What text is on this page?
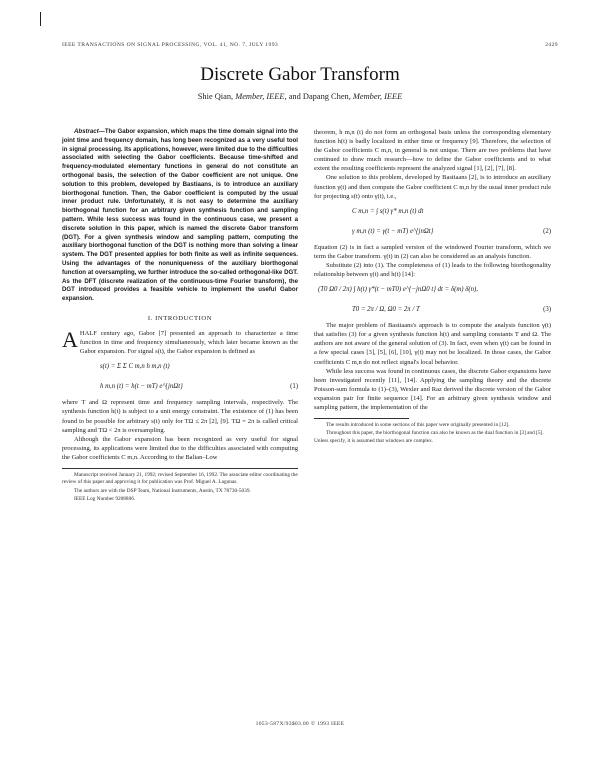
IEEE TRANSACTIONS ON SIGNAL PROCESSING, VOL. 41, NO. 7, JULY 1993	2429
Discrete Gabor Transform
Shie Qian, Member, IEEE, and Dapang Chen, Member, IEEE

Abstract—The Gabor expansion, which maps the time domain signal into the joint time and frequency domain, has long been recognized as a very useful tool in signal processing. Its applications, however, were limited due to the difficulties associated with selecting the Gabor coefficients. Because time-shifted and frequency-modulated elementary functions in general do not constitute an orthogonal basis, the selection of the Gabor coefficient are not unique. One solution to this problem, developed by Bastiaans, is to introduce an auxiliary biorthogonal function. Then, the Gabor coefficient is computed by the usual inner product rule. Unfortunately, it is not easy to determine the auxiliary biorthogonal function for an arbitrary given synthesis function and sampling pattern. While less success was found in the continuous case, we present a discrete solution in this paper, which is named the discrete Gabor transform (DGT). For a given synthesis window and sampling pattern, computing the auxiliary biorthogonal function of the DGT is nothing more than solving a linear system. The DGT presented applies for both finite as well as infinite sequences. Using the advantages of the nonuniqueness of the auxiliary biorthogonal function at oversampling, we further introduce the so-called orthogonal-like DGT. As the DFT (discrete realization of the continuous-time Fourier transform), the DGT introduced provides a feasible vehicle to implement the useful Gabor expansion.

I. INTRODUCTION

AHALF century ago, Gabor [7] presented an approach to characterize a time function in time and frequency simultaneously, which later became known as the Gabor expansion. For signal s(t), the Gabor expansion is defined as

s(t) = Σ Σ C m,n h m,n (t)
h m,n (t) = h(t − mT) e^{jnΩt}	(1)

where T and Ω represent time and frequency sampling intervals, respectively. The synthesis function h(t) is subject to a unit energy constraint. The existence of (1) has been found to be possible for arbitrary s(t) only for TΩ ≤ 2π [2], [9]. TΩ = 2π is called critical sampling and TΩ < 2π is oversampling.

Although the Gabor expansion has been recognized as very useful for signal processing, its applications were limited due to the difficulties associated with computing the Gabor coefficients C m,n. According to the Balian–Low

Manuscript received January 21, 1992; revised September 16, 1992. The associate editor coordinating the review of this paper and approving it for publication was Prof. Miguel A. Lagunas.

The authors are with the DSP Team, National Instruments, Austin, TX 78730-5039.

IEEE Log Number 9208806.

theorem, h m,n (t) do not form an orthogonal basis unless the corresponding elementary function h(t) is badly localized in either time or frequency [9]. Therefore, the selection of the Gabor coefficients C m,n, in general is not unique. There are two problems that have continued to draw much research—how to define the Gabor coefficients and to what extent the resulting coefficients represent the analyzed signal [1], [2], [7], [8].

One solution to this problem, developed by Bastiaans [2], is to introduce an auxiliary function γ(t) and then compute the Gabor coefficient C m,n by the usual inner product rule for projecting s(t) onto γ(t), i.e.,

C m,n = ∫ s(t) γ* m,n (t) dt
γ m,n (t) = γ(t − mT) e^{jnΩt}	(2)

Equation (2) is in fact a sampled version of the windowed Fourier transform, which we term the Gabor transform. γ(t) in (2) can also be considered as an analysis function.

Substitute (2) into (1). The completeness of (1) leads to the following biorthogonality relationship between γ(t) and h(t) [14]:

(T0 Ω0 / 2π) ∫ h(t) γ*(t − mT0) e^{−jnΩ0 t} dt = δ(m) δ(n),
T0 = 2π / Ω, Ω0 = 2π / T	(3)

The major problem of Bastiaans's approach is to compute the analysis function γ(t) that satisfies (3) for a given synthesis function h(t) and sampling constants T and Ω. The authors are not aware of the general solution of (3). In fact, even when γ(t) can be found in a few special cases [3], [5], [6], [10], γ(t) may not be localized. In those cases, the Gabor coefficients C m,n do not reflect signal's local behavior.

While less success was found in continuous cases, the discrete Gabor expansions have been investigated recently [11], [14]. Applying the sampling theory and the discrete Poisson-sum formula to (1)–(3), Wexler and Raz derived the discrete version of the Gabor expansion pair for finite sequence [14]. For an arbitrary given synthesis window and sampling pattern, the implementation of the

The results introduced in some sections of this paper were originally presented in [12].

Throughout this paper, the biorthogonal function can also be known as the dual function in [3] and [5]. Unless specify, it is assumed that windows are complex.

1053-587X/93$03.00 © 1993 IEEE
